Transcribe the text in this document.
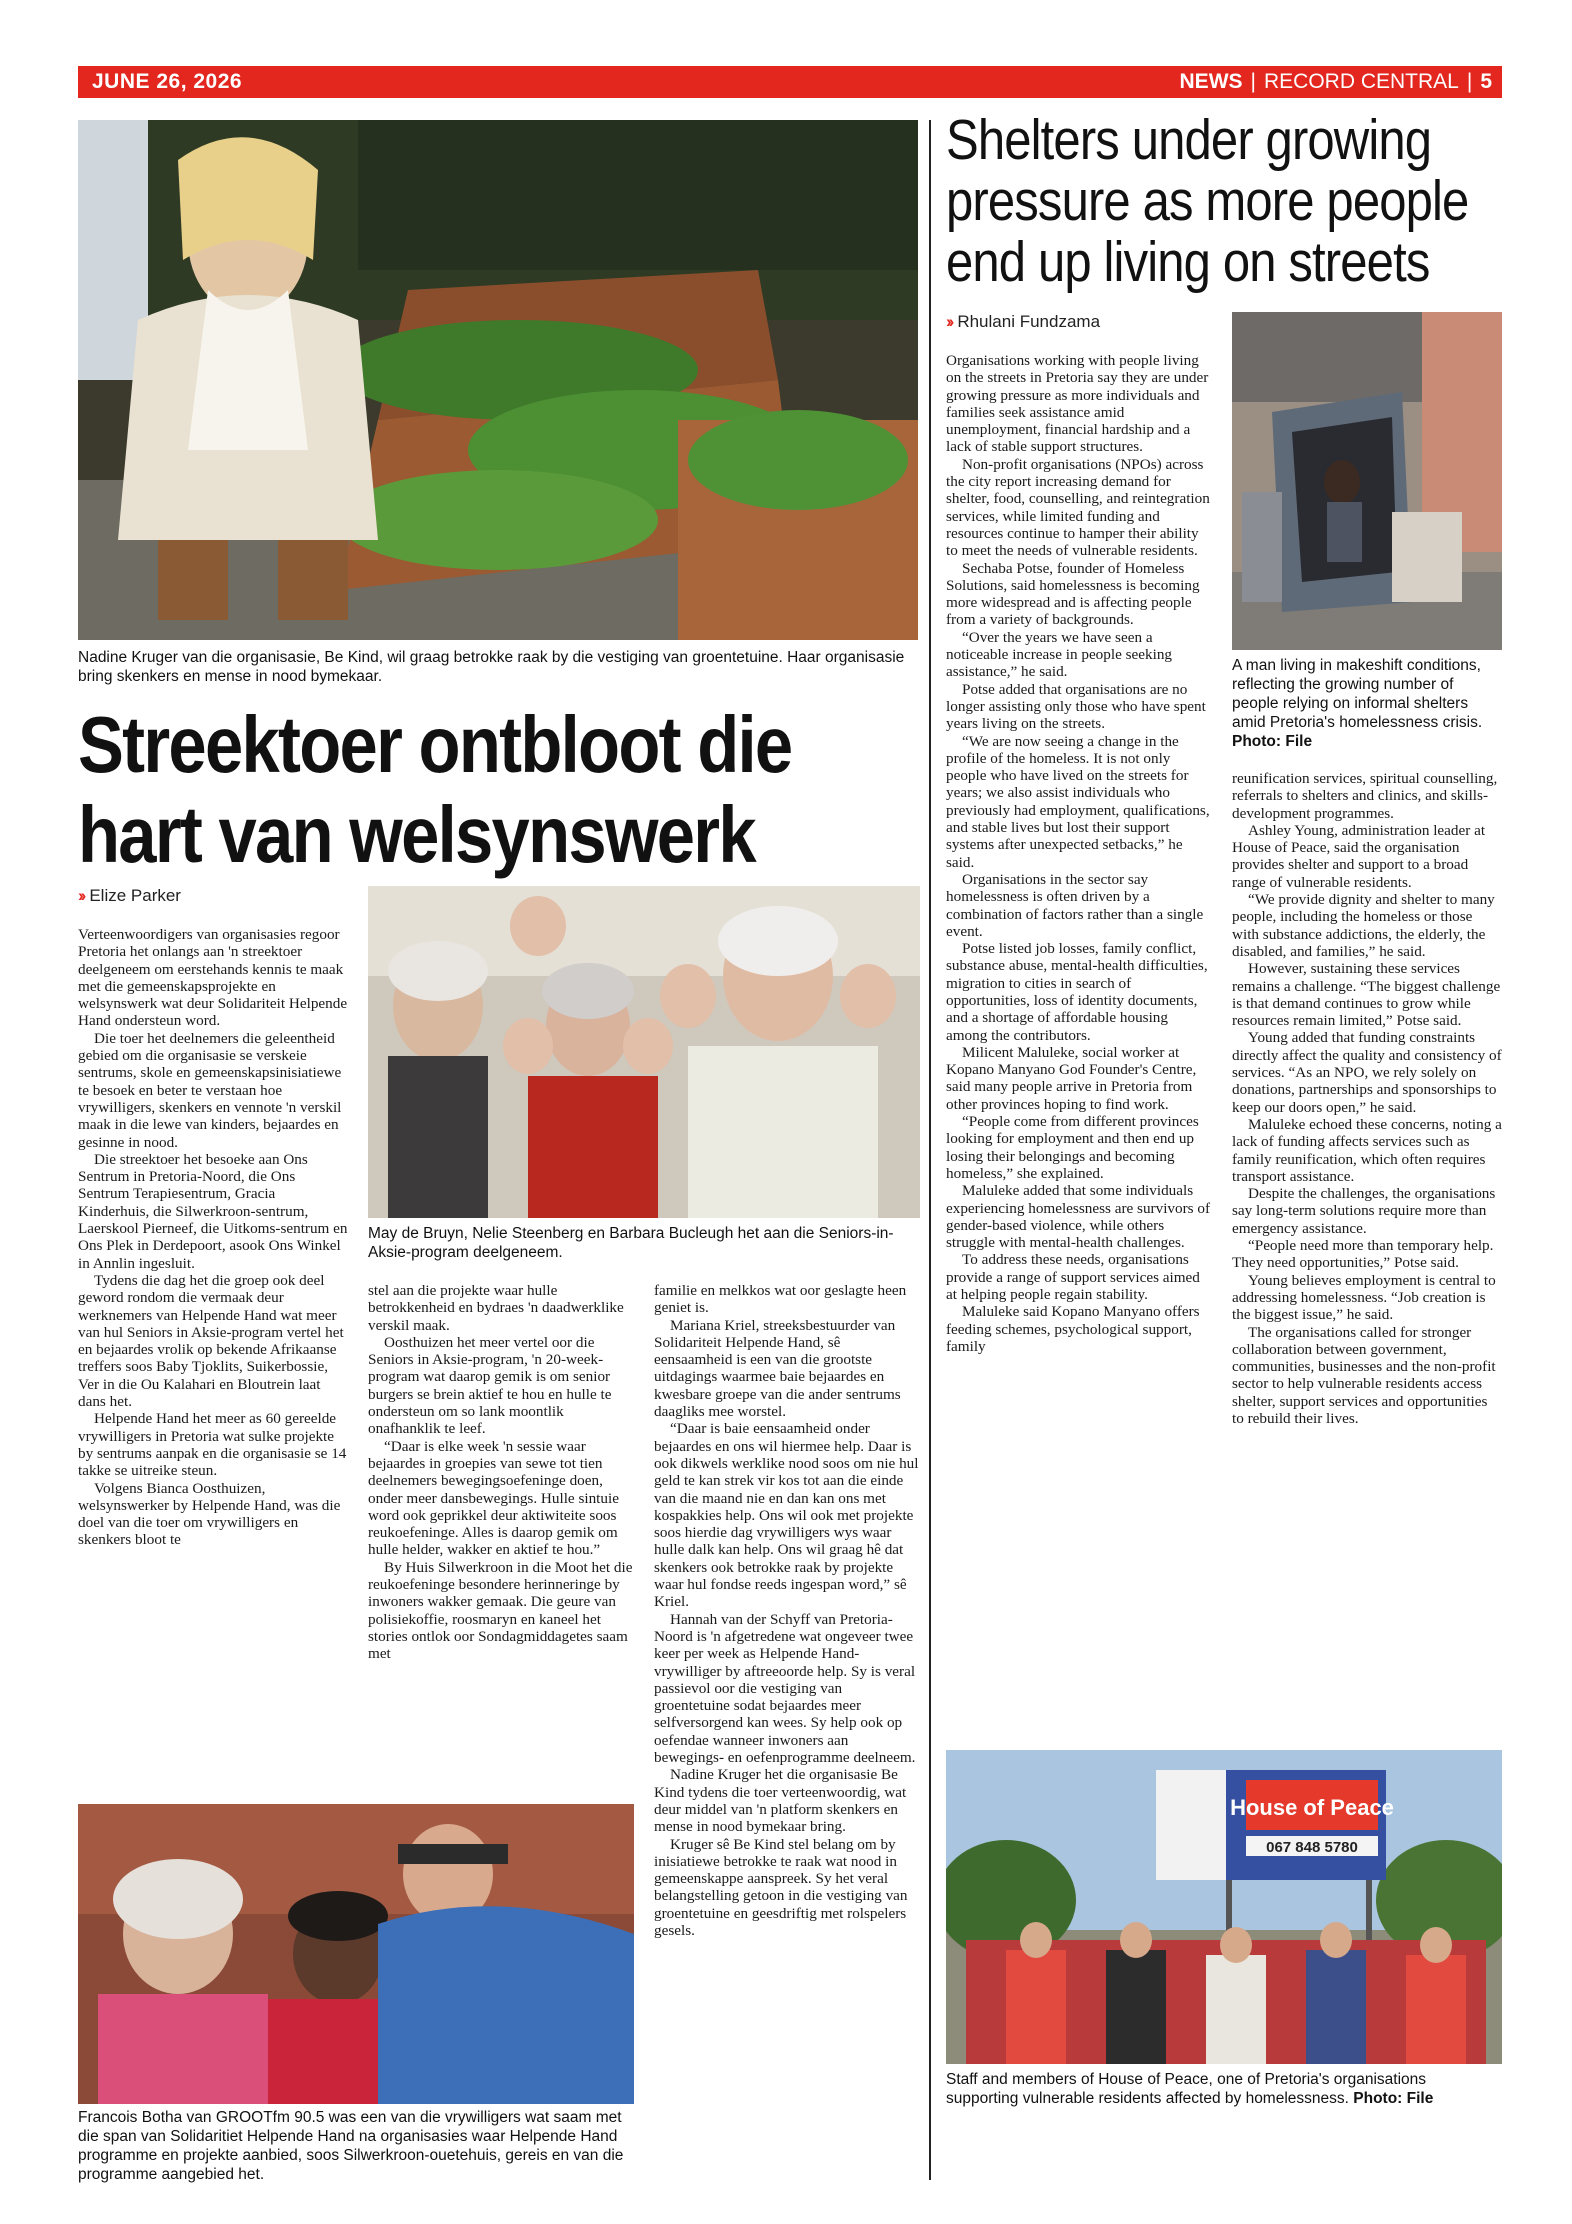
JUNE 26, 2026	NEWS | RECORD CENTRAL | 5
Nadine Kruger van die organisasie, Be Kind, wil graag betrokke raak by die vestiging van groentetuine. Haar organisasie bring skenkers en mense in nood bymekaar.
Streektoer ontbloot die
hart van welsynswerk
›› Elize Parker
May de Bruyn, Nelie Steenberg en Barbara Bucleugh het aan die Seniors-in-Aksie-program deelgeneem.

Verteenwoordigers van organisasies regoor Pretoria het onlangs aan 'n streektoer deelgeneem om eerstehands kennis te maak met die gemeenskapsprojekte en welsynswerk wat deur Solidariteit Helpende Hand ondersteun word.

Die toer het deelnemers die geleentheid gebied om die organisasie se verskeie sentrums, skole en gemeenskapsinisiatiewe te besoek en beter te verstaan hoe vrywilligers, skenkers en vennote 'n verskil maak in die lewe van kinders, bejaardes en gesinne in nood.

Die streektoer het besoeke aan Ons Sentrum in Pretoria-Noord, die Ons Sentrum Terapiesentrum, Gracia Kinderhuis, die Silwerkroon-sentrum, Laerskool Pierneef, die Uitkoms-sentrum en Ons Plek in Derdepoort, asook Ons Winkel in Annlin ingesluit.

Tydens die dag het die groep ook deel geword rondom die vermaak deur werknemers van Helpende Hand wat meer van hul Seniors in Aksie-program vertel het en bejaardes vrolik op bekende Afrikaanse treffers soos Baby Tjoklits, Suikerbossie, Ver in die Ou Kalahari en Bloutrein laat dans het.

Helpende Hand het meer as 60 gereelde vrywilligers in Pretoria wat sulke projekte by sentrums aanpak en die organisasie se 14 takke se uitreike steun.

Volgens Bianca Oosthuizen, welsynswerker by Helpende Hand, was die doel van die toer om vrywilligers en skenkers bloot te

stel aan die projekte waar hulle betrokkenheid en bydraes 'n daadwerklike verskil maak.

Oosthuizen het meer vertel oor die Seniors in Aksie-program, 'n 20-week-program wat daarop gemik is om senior burgers se brein aktief te hou en hulle te ondersteun om so lank moontlik onafhanklik te leef.

“Daar is elke week 'n sessie waar bejaardes in groepies van sewe tot tien deelnemers bewegingsoefeninge doen, onder meer dansbewegings. Hulle sintuie word ook geprikkel deur aktiwiteite soos reukoefeninge. Alles is daarop gemik om hulle helder, wakker en aktief te hou.”

By Huis Silwerkroon in die Moot het die reukoefeninge besondere herinneringe by inwoners wakker gemaak. Die geure van polisiekoffie, roosmaryn en kaneel het stories ontlok oor Sondagmiddagetes saam met

familie en melkkos wat oor geslagte heen geniet is.

Mariana Kriel, streeksbestuurder van Solidariteit Helpende Hand, sê eensaamheid is een van die grootste uitdagings waarmee baie bejaardes en kwesbare groepe van die ander sentrums daagliks mee worstel.

“Daar is baie eensaamheid onder bejaardes en ons wil hiermee help. Daar is ook dikwels werklike nood soos om nie hul geld te kan strek vir kos tot aan die einde van die maand nie en dan kan ons met kospakkies help. Ons wil ook met projekte soos hierdie dag vrywilligers wys waar hulle dalk kan help. Ons wil graag hê dat skenkers ook betrokke raak by projekte waar hul fondse reeds ingespan word,” sê Kriel.

Hannah van der Schyff van Pretoria-Noord is 'n afgetredene wat ongeveer twee keer per week as Helpende Hand-vrywilliger by aftreeoorde help. Sy is veral passievol oor die vestiging van groentetuine sodat bejaardes meer selfversorgend kan wees. Sy help ook op oefendae wanneer inwoners aan bewegings- en oefenprogramme deelneem.

Nadine Kruger het die organisasie Be Kind tydens die toer verteenwoordig, wat deur middel van 'n platform skenkers en mense in nood bymekaar bring.

Kruger sê Be Kind stel belang om by inisiatiewe betrokke te raak wat nood in gemeenskappe aanspreek. Sy het veral belangstelling getoon in die vestiging van groentetuine en geesdriftig met rolspelers gesels.

Francois Botha van GROOTfm 90.5 was een van die vrywilligers wat saam met die span van Solidaritiet Helpende Hand na organisasies waar Helpende Hand programme en projekte aanbied, soos Silwerkroon-ouetehuis, gereis en van die programme aangebied het.
Shelters under growing
pressure as more people
end up living on streets
›› Rhulani Fundzama

Organisations working with people living on the streets in Pretoria say they are under growing pressure as more individuals and families seek assistance amid unemployment, financial hardship and a lack of stable support structures.

Non-profit organisations (NPOs) across the city report increasing demand for shelter, food, counselling, and reintegration services, while limited funding and resources continue to hamper their ability to meet the needs of vulnerable residents.

Sechaba Potse, founder of Homeless Solutions, said homelessness is becoming more widespread and is affecting people from a variety of backgrounds.

“Over the years we have seen a noticeable increase in people seeking assistance,” he said.

Potse added that organisations are no longer assisting only those who have spent years living on the streets.

“We are now seeing a change in the profile of the homeless. It is not only people who have lived on the streets for years; we also assist individuals who previously had employment, qualifications, and stable lives but lost their support systems after unexpected setbacks,” he said.

Organisations in the sector say homelessness is often driven by a combination of factors rather than a single event.

Potse listed job losses, family conflict, substance abuse, mental-health difficulties, migration to cities in search of opportunities, loss of identity documents, and a shortage of affordable housing among the contributors.

Milicent Maluleke, social worker at Kopano Manyano God Founder's Centre, said many people arrive in Pretoria from other provinces hoping to find work.

“People come from different provinces looking for employment and then end up losing their belongings and becoming homeless,” she explained.

Maluleke added that some individuals experiencing homelessness are survivors of gender-based violence, while others struggle with mental-health challenges.

To address these needs, organisations provide a range of support services aimed at helping people regain stability.

Maluleke said Kopano Manyano offers feeding schemes, psychological support, family

A man living in makeshift conditions, reflecting the growing number of people relying on informal shelters amid Pretoria's homelessness crisis. Photo: File

reunification services, spiritual counselling, referrals to shelters and clinics, and skills-development programmes.

Ashley Young, administration leader at House of Peace, said the organisation provides shelter and support to a broad range of vulnerable residents.

“We provide dignity and shelter to many people, including the homeless or those with substance addictions, the elderly, the disabled, and families,” he said.

However, sustaining these services remains a challenge. “The biggest challenge is that demand continues to grow while resources remain limited,” Potse said.

Young added that funding constraints directly affect the quality and consistency of services. “As an NPO, we rely solely on donations, partnerships and sponsorships to keep our doors open,” he said.

Maluleke echoed these concerns, noting a lack of funding affects services such as family reunification, which often requires transport assistance.

Despite the challenges, the organisations say long-term solutions require more than emergency assistance.

“People need more than temporary help. They need opportunities,” Potse said.

Young believes employment is central to addressing homelessness. “Job creation is the biggest issue,” he said.

The organisations called for stronger collaboration between government, communities, businesses and the non-profit sector to help vulnerable residents access shelter, support services and opportunities to rebuild their lives.

House of Peace
067 848 5780
Staff and members of House of Peace, one of Pretoria's organisations supporting vulnerable residents affected by homelessness. Photo: File
